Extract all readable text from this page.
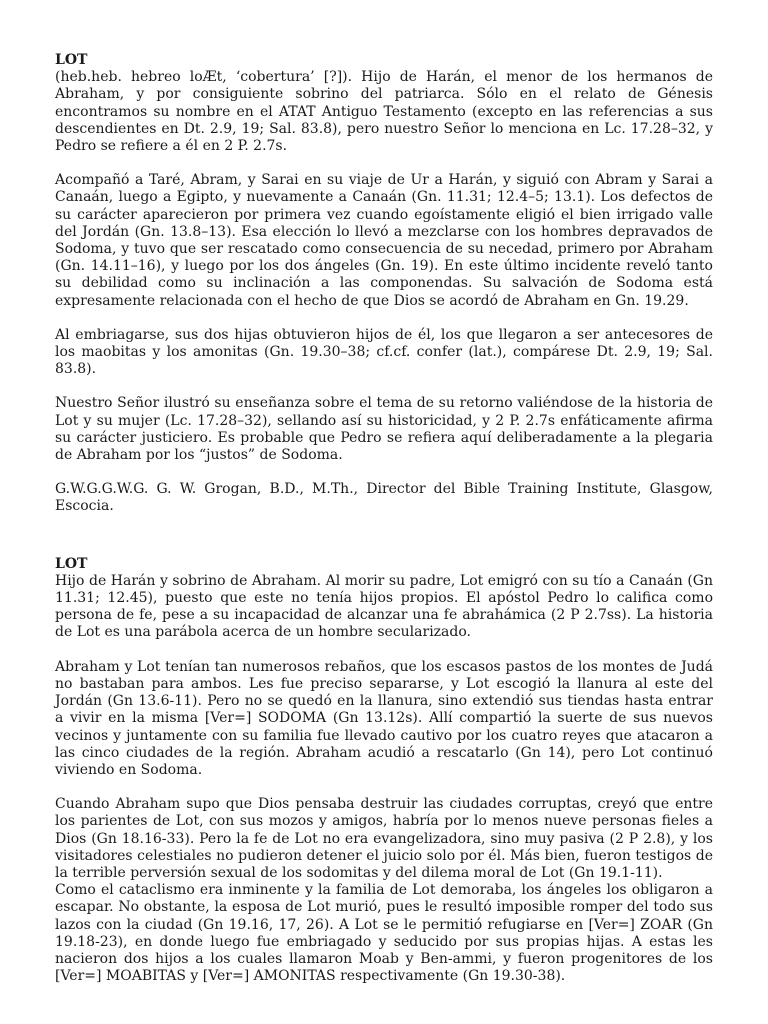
LOT

(heb.heb. hebreo loÆt, ‘cobertura’ [?]). Hijo de Harán, el menor de los hermanos de Abraham, y por consiguiente sobrino del patriarca. Sólo en el relato de Génesis encontramos su nombre en el ATAT Antiguo Testamento (excepto en las referencias a sus descendientes en Dt. 2.9, 19; Sal. 83.8), pero nuestro Señor lo menciona en Lc. 17.28–32, y Pedro se refiere a él en 2 P. 2.7s.

Acompañó a Taré, Abram, y Sarai en su viaje de Ur a Harán, y siguió con Abram y Sarai a Canaán, luego a Egipto, y nuevamente a Canaán (Gn. 11.31; 12.4–5; 13.1). Los defectos de su carácter aparecieron por primera vez cuando egoístamente eligió el bien irrigado valle del Jordán (Gn. 13.8–13). Esa elección lo llevó a mezclarse con los hombres depravados de Sodoma, y tuvo que ser rescatado como consecuencia de su necedad, primero por Abraham (Gn. 14.11–16), y luego por los dos ángeles (Gn. 19). En este último incidente reveló tanto su debilidad como su inclinación a las componendas. Su salvación de Sodoma está expresamente relacionada con el hecho de que Dios se acordó de Abraham en Gn. 19.29.

Al embriagarse, sus dos hijas obtuvieron hijos de él, los que llegaron a ser antecesores de los maobitas y los amonitas (Gn. 19.30–38; cf.cf. confer (lat.), compárese Dt. 2.9, 19; Sal. 83.8).

Nuestro Señor ilustró su enseñanza sobre el tema de su retorno valiéndose de la historia de Lot y su mujer (Lc. 17.28–32), sellando así su historicidad, y 2 P. 2.7s enfáticamente afirma su carácter justiciero. Es probable que Pedro se refiera aquí deliberadamente a la plegaria de Abraham por los “justos” de Sodoma.

G.W.G.G.W.G. G. W. Grogan, B.D., M.Th., Director del Bible Training Institute, Glasgow, Escocia.

LOT

Hijo de Harán y sobrino de Abraham. Al morir su padre, Lot emigró con su tío a Canaán (Gn 11.31; 12.45), puesto que este no tenía hijos propios. El apóstol Pedro lo califica como persona de fe, pese a su incapacidad de alcanzar una fe abrahámica (2 P 2.7ss). La historia de Lot es una parábola acerca de un hombre secularizado.

Abraham y Lot tenían tan numerosos rebaños, que los escasos pastos de los montes de Judá no bastaban para ambos. Les fue preciso separarse, y Lot escogió la llanura al este del Jordán (Gn 13.6-11). Pero no se quedó en la llanura, sino extendió sus tiendas hasta entrar a vivir en la misma [Ver=] SODOMA (Gn 13.12s). Allí compartió la suerte de sus nuevos vecinos y juntamente con su familia fue llevado cautivo por los cuatro reyes que atacaron a las cinco ciudades de la región. Abraham acudió a rescatarlo (Gn 14), pero Lot continuó viviendo en Sodoma.

Cuando Abraham supo que Dios pensaba destruir las ciudades corruptas, creyó que entre los parientes de Lot, con sus mozos y amigos, habría por lo menos nueve personas fieles a Dios (Gn 18.16-33). Pero la fe de Lot no era evangelizadora, sino muy pasiva (2 P 2.8), y los visitadores celestiales no pudieron detener el juicio solo por él. Más bien, fueron testigos de la terrible perversión sexual de los sodomitas y del dilema moral de Lot (Gn 19.1-11).

Como el cataclismo era inminente y la familia de Lot demoraba, los ángeles los obligaron a escapar. No obstante, la esposa de Lot murió, pues le resultó imposible romper del todo sus lazos con la ciudad (Gn 19.16, 17, 26). A Lot se le permitió refugiarse en [Ver=] ZOAR (Gn 19.18-23), en donde luego fue embriagado y seducido por sus propias hijas. A estas les nacieron dos hijos a los cuales llamaron Moab y Ben-ammi, y fueron progenitores de los [Ver=] MOABITAS y [Ver=] AMONITAS respectivamente (Gn 19.30-38).
